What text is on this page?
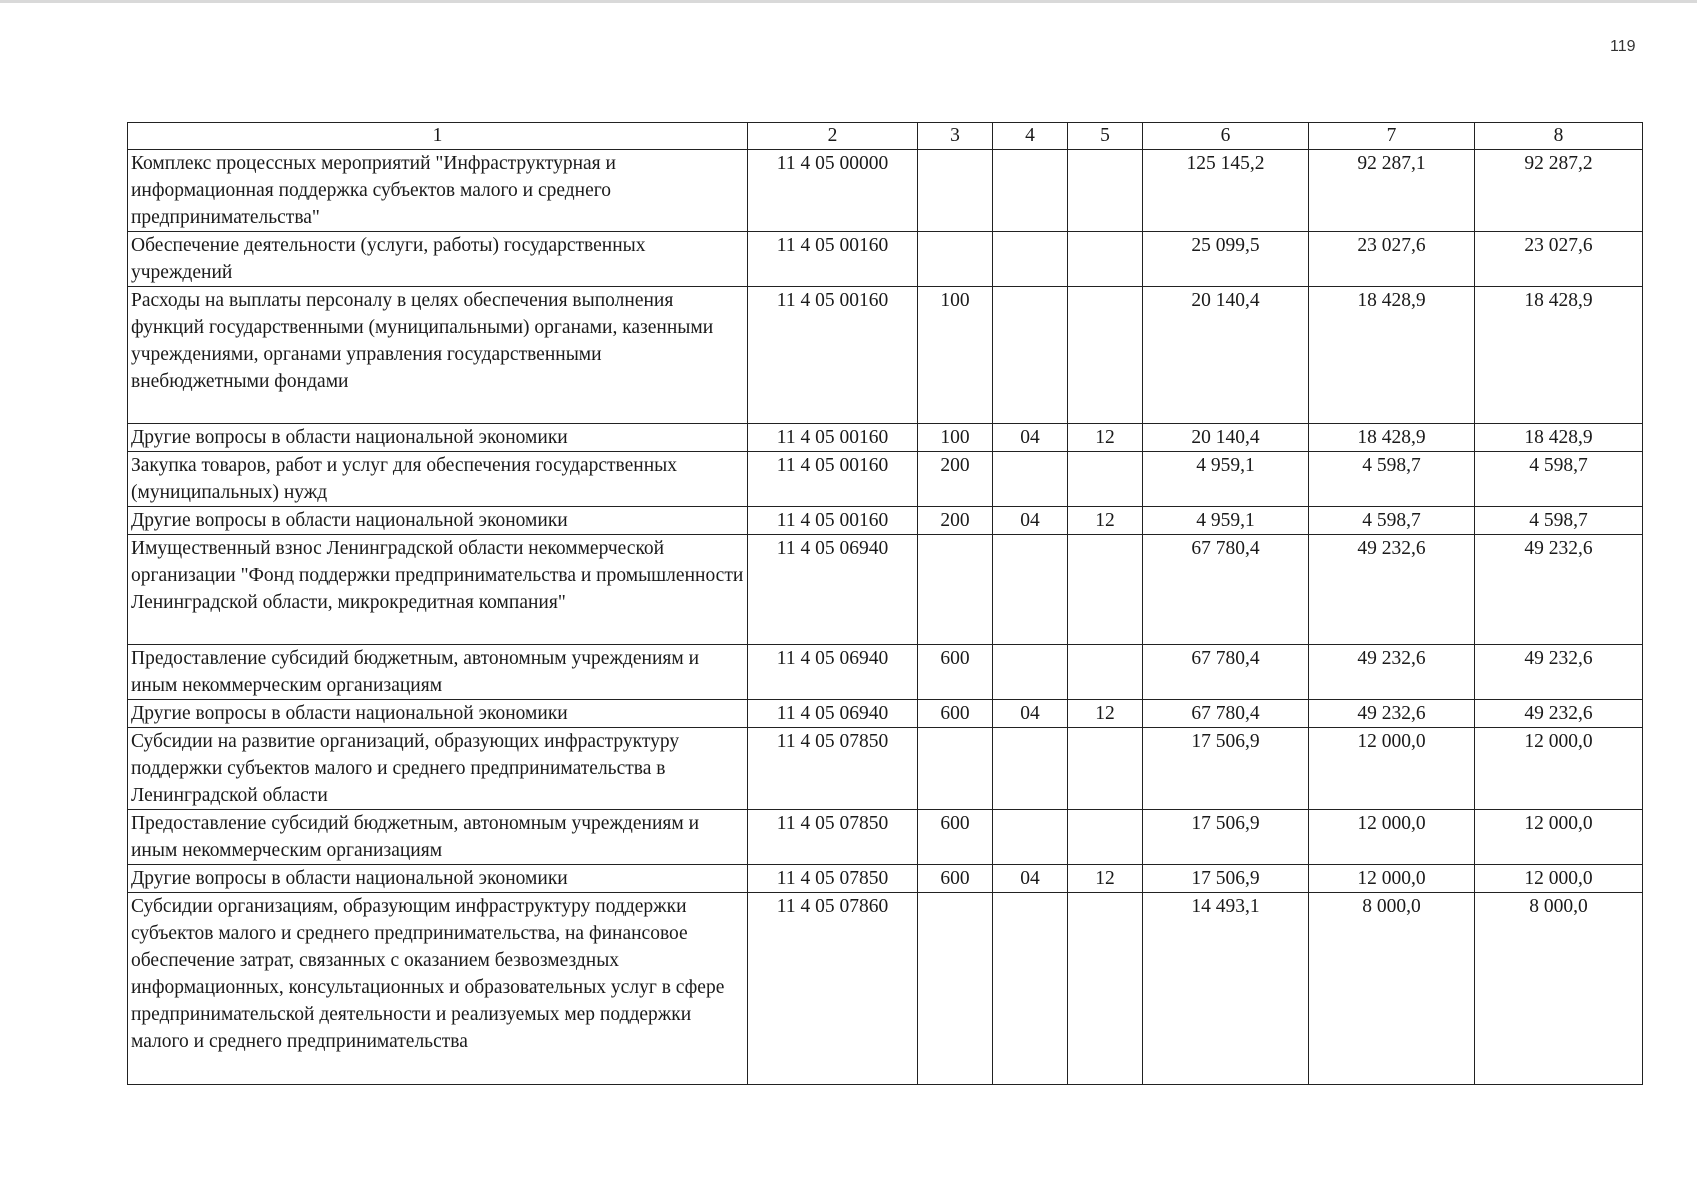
119
1	2	3	4	5	6	7	8
Комплекс процессных мероприятий "Инфраструктурная и информационная поддержка субъектов малого и среднего предпринимательства"	11 4 05 00000				125 145,2	92 287,1	92 287,2
Обеспечение деятельности (услуги, работы) государственных учреждений	11 4 05 00160				25 099,5	23 027,6	23 027,6
Расходы на выплаты персоналу в целях обеспечения выполнения функций государственными (муниципальными) органами, казенными учреждениями, органами управления государственными внебюджетными фондами	11 4 05 00160	100			20 140,4	18 428,9	18 428,9
Другие вопросы в области национальной экономики	11 4 05 00160	100	04	12	20 140,4	18 428,9	18 428,9
Закупка товаров, работ и услуг для обеспечения государственных (муниципальных) нужд	11 4 05 00160	200			4 959,1	4 598,7	4 598,7
Другие вопросы в области национальной экономики	11 4 05 00160	200	04	12	4 959,1	4 598,7	4 598,7
Имущественный взнос Ленинградской области некоммерческой организации "Фонд поддержки предпринимательства и промышленности Ленинградской области, микрокредитная компания"	11 4 05 06940				67 780,4	49 232,6	49 232,6
Предоставление субсидий бюджетным, автономным учреждениям и иным некоммерческим организациям	11 4 05 06940	600			67 780,4	49 232,6	49 232,6
Другие вопросы в области национальной экономики	11 4 05 06940	600	04	12	67 780,4	49 232,6	49 232,6
Субсидии на развитие организаций, образующих инфраструктуру поддержки субъектов малого и среднего предпринимательства в Ленинградской области	11 4 05 07850				17 506,9	12 000,0	12 000,0
Предоставление субсидий бюджетным, автономным учреждениям и иным некоммерческим организациям	11 4 05 07850	600			17 506,9	12 000,0	12 000,0
Другие вопросы в области национальной экономики	11 4 05 07850	600	04	12	17 506,9	12 000,0	12 000,0
Субсидии организациям, образующим инфраструктуру поддержки субъектов малого и среднего предпринимательства, на финансовое обеспечение затрат, связанных с оказанием безвозмездных информационных, консультационных и образовательных услуг в сфере предпринимательской деятельности и реализуемых мер поддержки малого и среднего предпринимательства	11 4 05 07860				14 493,1	8 000,0	8 000,0
